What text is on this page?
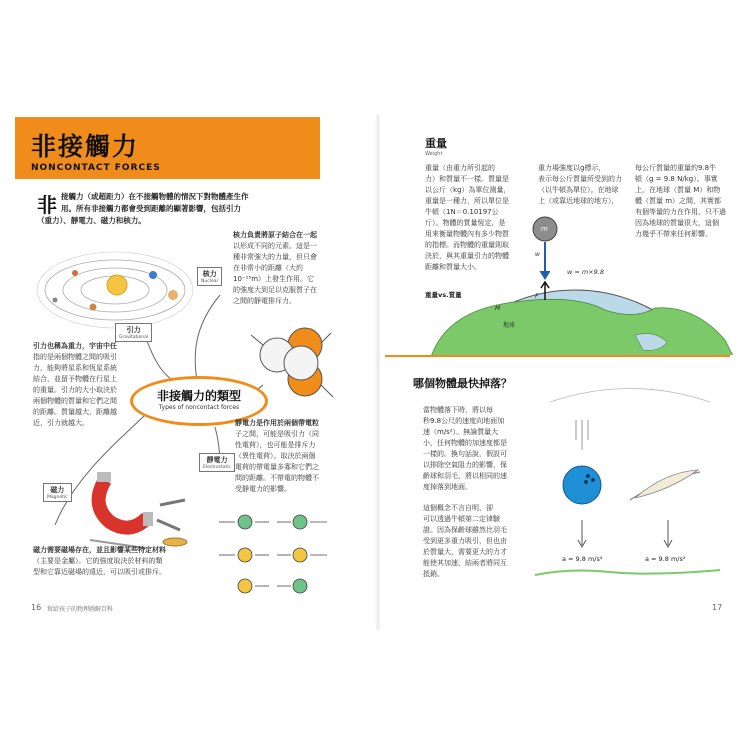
非接觸力
NONCONTACT FORCES
非 接觸力（或超距力）在不接觸物體的情況下對物體產生作
用。所有非接觸力都會受到距離的顯著影響，包括引力
（重力）、靜電力、磁力和核力。
核力
Nuclear
核力負責將原子結合在一起
以形成不同的元素。這是一
種非常強大的力量，但只會
在非常小的距離（大約
10⁻¹⁵m）上發生作用。它
的強度大到足以克服質子在
之間的靜電排斥力。
引力
Gravitational
引力也稱為重力，宇宙中任
指的是兩個物體之間的吸引
力，能夠將星系和恆星系統
結合，並留予物體在行星上
的重量。引力的大小取決於
兩個物體的質量和它們之間
的距離。質量越大，距離越
近，引力就越大。
非接觸力的類型
Types of noncontact forces
靜電力
Electrostatic
靜電力是作用於兩個帶電粒
子之間，可能是吸引力（同
性電荷），也可能是排斥力
（異性電荷）。取決於兩個
電荷的帶電量多寡和它們之
間的距離。不帶電的物體不
受靜電力的影響。
磁力
Magnetic
磁力需要磁場存在，並且影響某些特定材料
（主要是金屬）。它的強度取決於材料的類
型和它靠近磁場的遠近，可以吸引或排斥。
16 寫給孩子的物理圖解百科
重量
Weight
重量（由重力所引起的
力）和質量不一樣。質量是
以公斤（kg）為單位測量，
重量是一種力，所以單位是
牛頓（1N＝0.10197公
斤）。物體的質量恆定，是
用來衡量物體內有多少物質
的指標。而物體的重量則取
決於，與其重量引力的物體
距離和質量大小。
重力場強度以g標示，
表示每公斤質量所受到的力
（以牛頓為單位）。在地球
上（或靠近地球的地方），
每公斤質量的重量約9.8牛
頓（g = 9.8 N/kg）。事實
上，在地球（質量 M）和物
體（質量 m）之間，其實都
有個等量的力在作用，只不過
因為地球的質量很大，這個
力幾乎不帶來任何影響。
m
w
w = m×9.8
F
重量vs.質量
M
地球
哪個物體最快掉落？
當物體落下時，將以每
秒9.8公尺的速度向地面加
速（m/s²）。無論質量大
小，任何物體的加速度都是
一樣的。換句話說，假設可
以排除空氣阻力的影響，保
齡球和羽毛，將以相同的速
度掉落到地面。
這個概念不言自明，卻
可以透過牛頓第二定律驗
證。因為保齡球雖然比羽毛
受到更多重力吸引，但也由
於質量大，需要更大的力才
能使其加速，結兩者將同互
抵銷。
a = 9.8 m/s²	a = 9.8 m/s²
17
